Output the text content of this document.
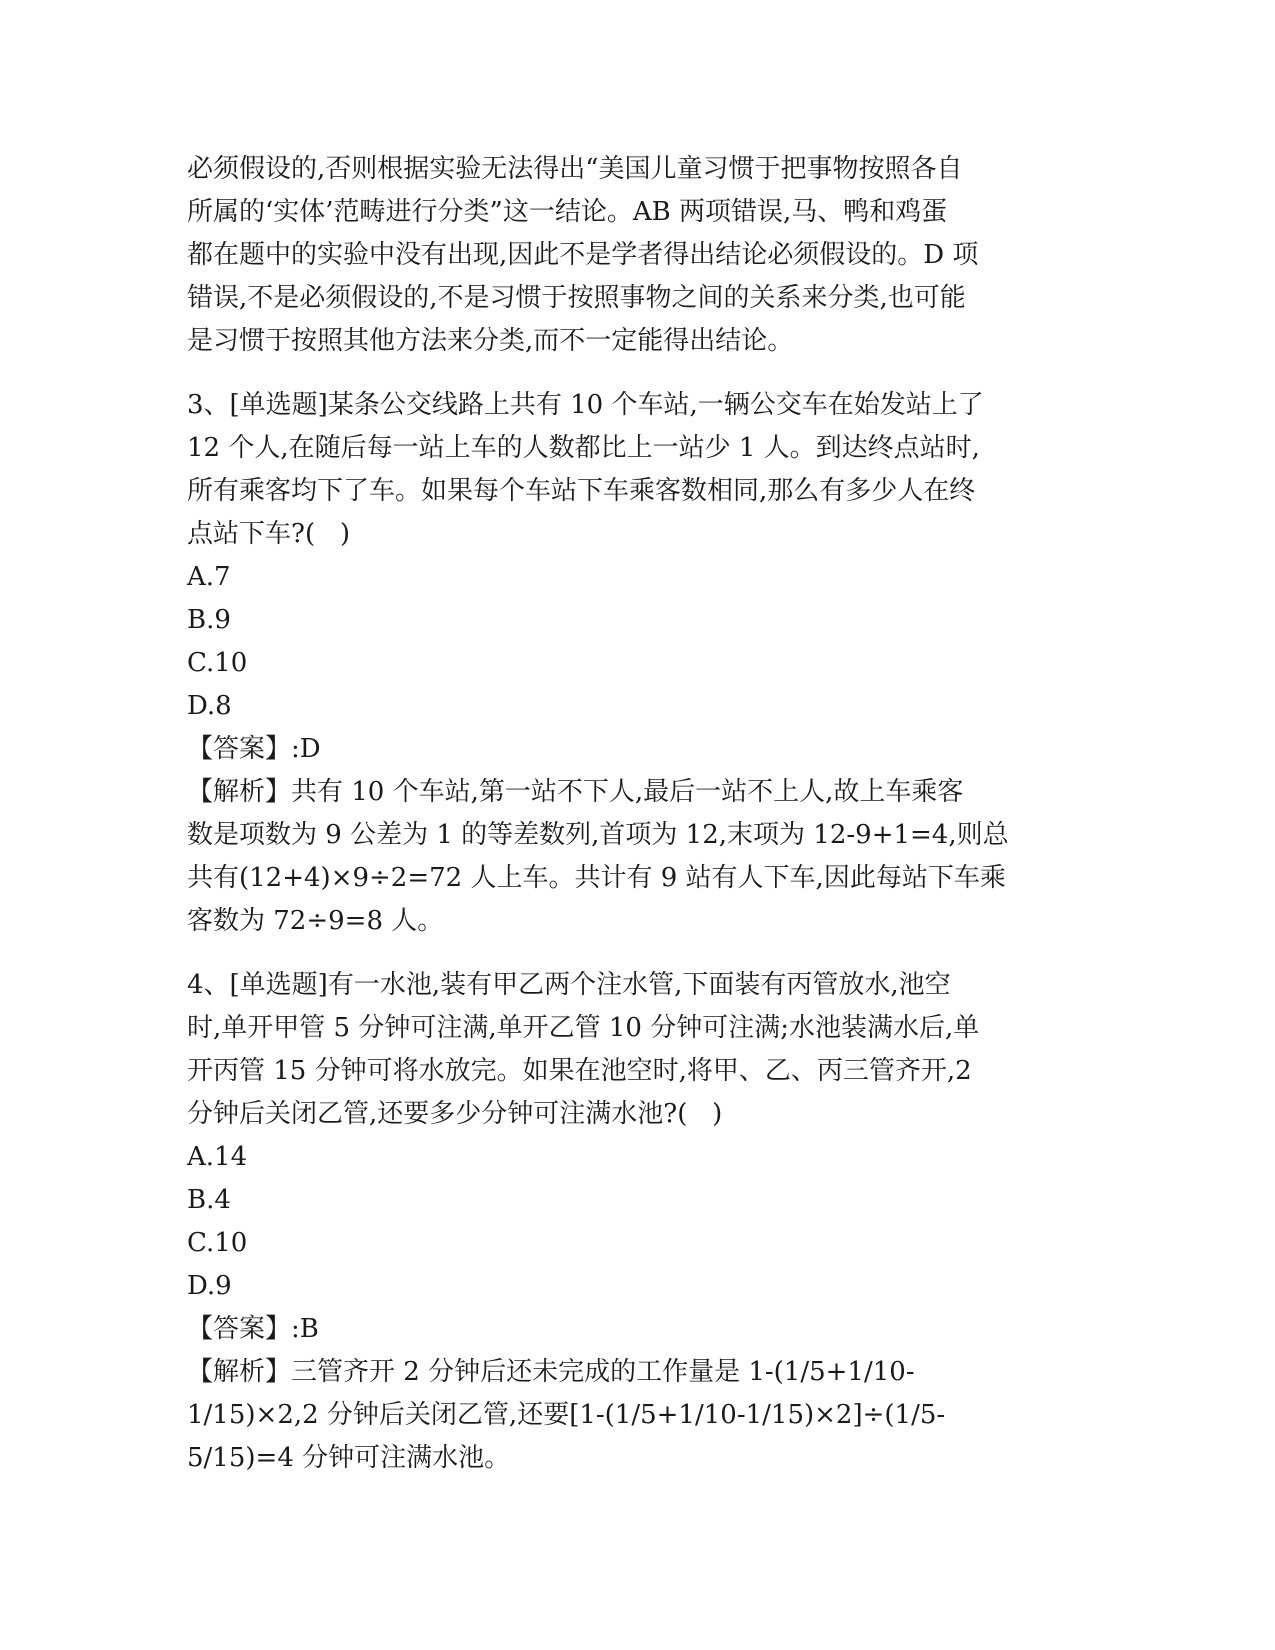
必须假设的,否则根据实验无法得出“美国儿童习惯于把事物按照各自

所属的‘实体’范畴进行分类”这一结论。AB 两项错误,马、鸭和鸡蛋

都在题中的实验中没有出现,因此不是学者得出结论必须假设的。D 项

错误,不是必须假设的,不是习惯于按照事物之间的关系来分类,也可能

是习惯于按照其他方法来分类,而不一定能得出结论。

3、[单选题]某条公交线路上共有 10 个车站,一辆公交车在始发站上了

12 个人,在随后每一站上车的人数都比上一站少 1 人。到达终点站时,

所有乘客均下了车。如果每个车站下车乘客数相同,那么有多少人在终

点站下车?(   )

A.7

B.9

C.10

D.8

【答案】:D

【解析】共有 10 个车站,第一站不下人,最后一站不上人,故上车乘客

数是项数为 9 公差为 1 的等差数列,首项为 12,末项为 12-9+1=4,则总

共有(12+4)×9÷2=72 人上车。共计有 9 站有人下车,因此每站下车乘

客数为 72÷9=8 人。

4、[单选题]有一水池,装有甲乙两个注水管,下面装有丙管放水,池空

时,单开甲管 5 分钟可注满,单开乙管 10 分钟可注满;水池装满水后,单

开丙管 15 分钟可将水放完。如果在池空时,将甲、乙、丙三管齐开,2

分钟后关闭乙管,还要多少分钟可注满水池?(   )

A.14

B.4

C.10

D.9

【答案】:B

【解析】三管齐开 2 分钟后还未完成的工作量是 1-(1/5+1/10-

1/15)×2,2 分钟后关闭乙管,还要[1-(1/5+1/10-1/15)×2]÷(1/5-

5/15)=4 分钟可注满水池。
